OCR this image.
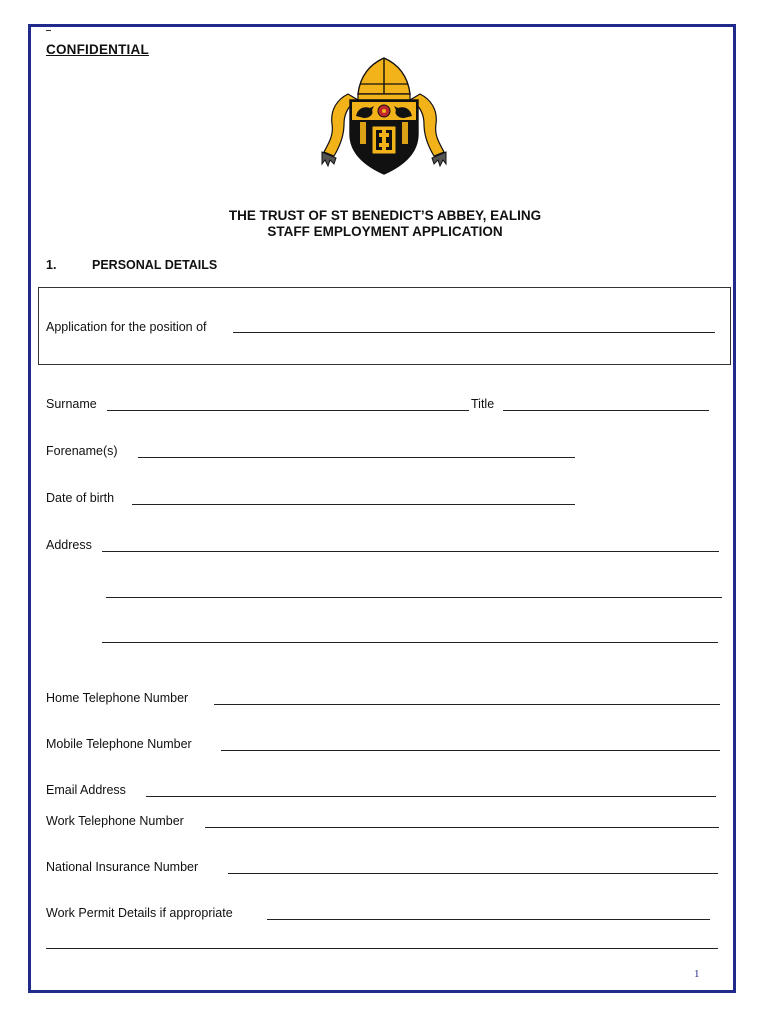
CONFIDENTIAL
THE TRUST OF ST BENEDICT’S ABBEY, EALING
STAFF EMPLOYMENT APPLICATION
1.	PERSONAL DETAILS
Application for the position of
Surname	Title
Forename(s)
Date of birth
Address
Home Telephone Number
Mobile Telephone Number
Email Address
Work Telephone Number
National Insurance Number
Work Permit Details if appropriate
1
